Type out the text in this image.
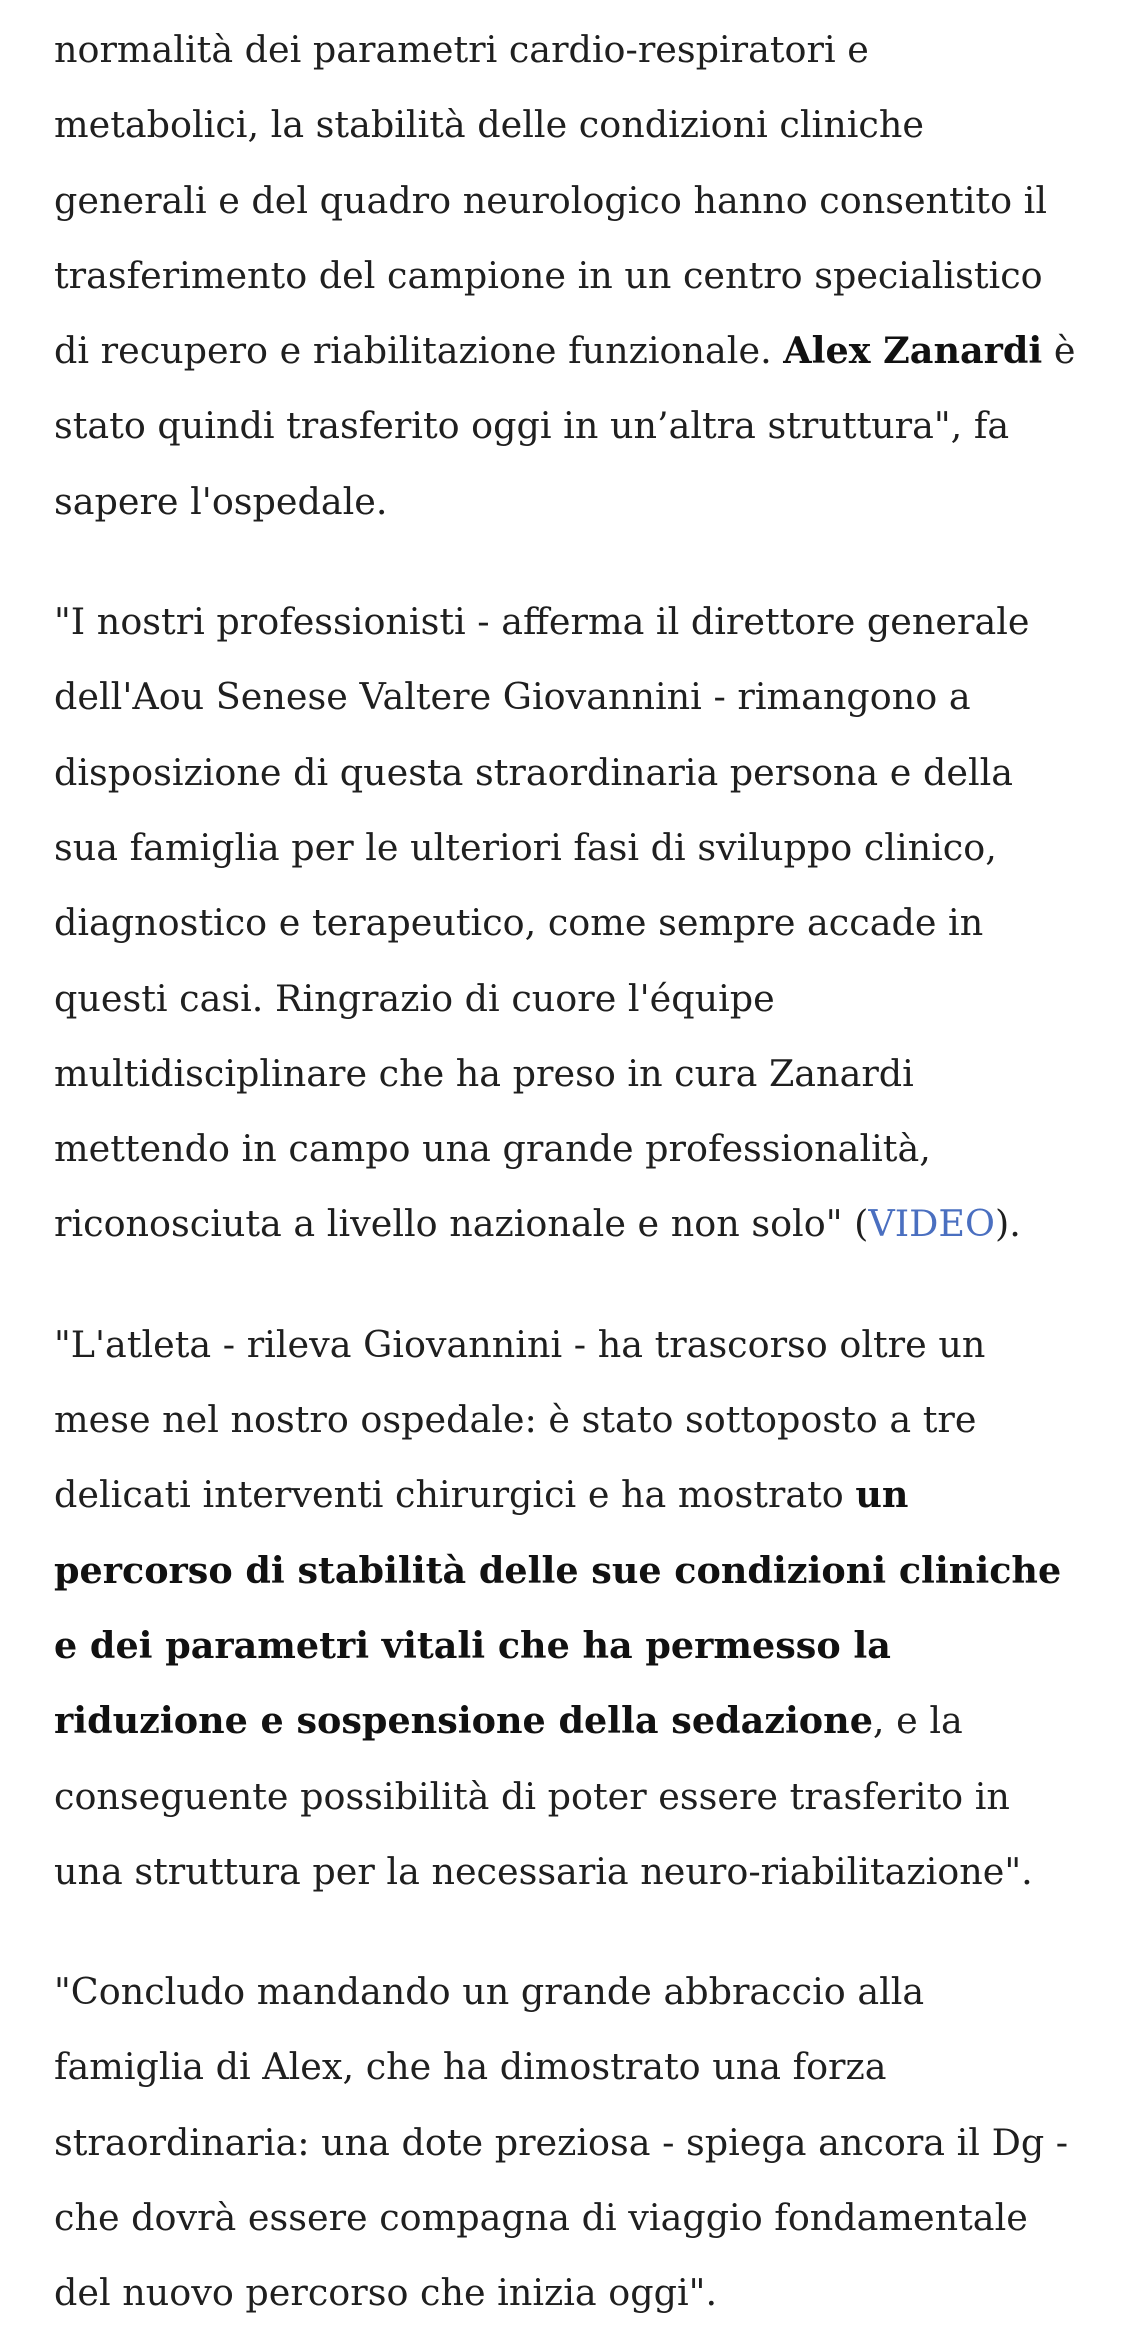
normalità dei parametri cardio-respiratori e metabolici, la stabilità delle condizioni cliniche generali e del quadro neurologico hanno consentito il trasferimento del campione in un centro specialistico di recupero e riabilitazione funzionale. Alex Zanardi è stato quindi trasferito oggi in un’altra struttura", fa sapere l'ospedale.

"I nostri professionisti - afferma il direttore generale dell'Aou Senese Valtere Giovannini - rimangono a disposizione di questa straordinaria persona e della sua famiglia per le ulteriori fasi di sviluppo clinico, diagnostico e terapeutico, come sempre accade in questi casi. Ringrazio di cuore l'équipe multidisciplinare che ha preso in cura Zanardi mettendo in campo una grande professionalità, riconosciuta a livello nazionale e non solo" (VIDEO).

"L'atleta - rileva Giovannini - ha trascorso oltre un mese nel nostro ospedale: è stato sottoposto a tre delicati interventi chirurgici e ha mostrato un percorso di stabilità delle sue condizioni cliniche e dei parametri vitali che ha permesso la riduzione e sospensione della sedazione, e la conseguente possibilità di poter essere trasferito in una struttura per la necessaria neuro-riabilitazione".

"Concludo mandando un grande abbraccio alla famiglia di Alex, che ha dimostrato una forza straordinaria: una dote preziosa - spiega ancora il Dg - che dovrà essere compagna di viaggio fondamentale del nuovo percorso che inizia oggi".
